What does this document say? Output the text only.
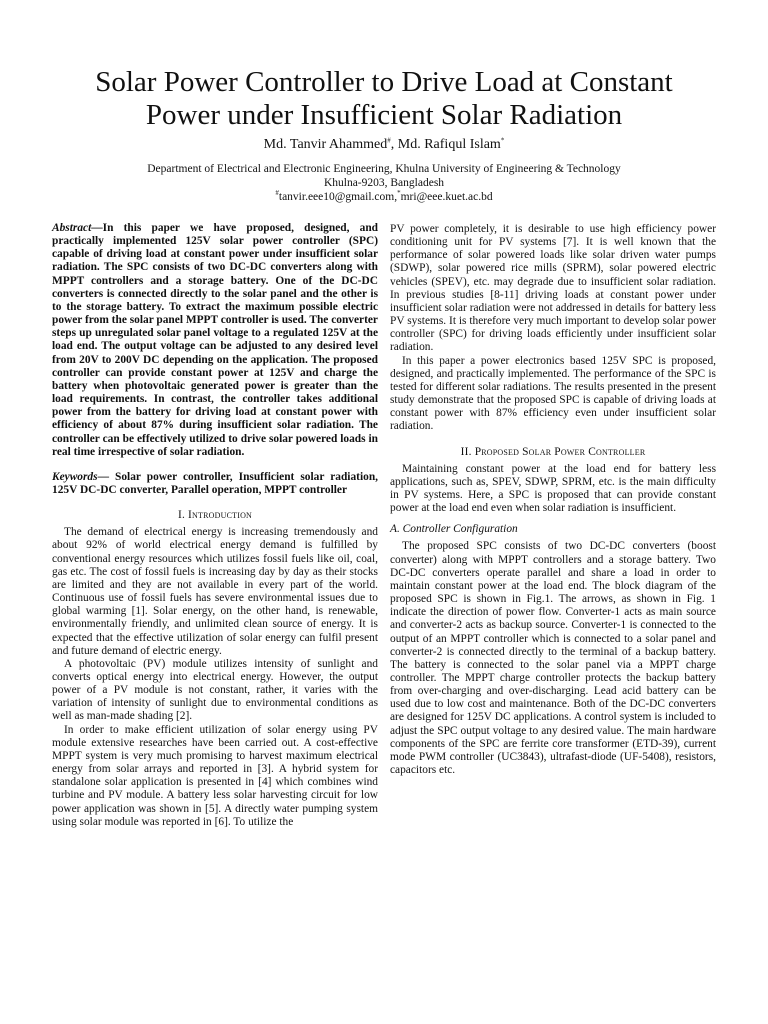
Solar Power Controller to Drive Load at Constant
Power under Insufficient Solar Radiation
Md. Tanvir Ahammed#, Md. Rafiqul Islam*
Department of Electrical and Electronic Engineering, Khulna University of Engineering & Technology
Khulna-9203, Bangladesh
#tanvir.eee10@gmail.com,*mri@eee.kuet.ac.bd

Abstract—In this paper we have proposed, designed, and practically implemented 125V solar power controller (SPC) capable of driving load at constant power under insufficient solar radiation. The SPC consists of two DC-DC converters along with MPPT controllers and a storage battery. One of the DC-DC converters is connected directly to the solar panel and the other is to the storage battery. To extract the maximum possible electric power from the solar panel MPPT controller is used. The converter steps up unregulated solar panel voltage to a regulated 125V at the load end. The output voltage can be adjusted to any desired level from 20V to 200V DC depending on the application. The proposed controller can provide constant power at 125V and charge the battery when photovoltaic generated power is greater than the load requirements. In contrast, the controller takes additional power from the battery for driving load at constant power with efficiency of about 87% during insufficient solar radiation. The controller can be effectively utilized to drive solar powered loads in real time irrespective of solar radiation.

Keywords— Solar power controller, Insufficient solar radiation, 125V DC-DC converter, Parallel operation, MPPT controller

I. Introduction

The demand of electrical energy is increasing tremendously and about 92% of world electrical energy demand is fulfilled by conventional energy resources which utilizes fossil fuels like oil, coal, gas etc. The cost of fossil fuels is increasing day by day as their stocks are limited and they are not available in every part of the world. Continuous use of fossil fuels has severe environmental issues due to global warming [1]. Solar energy, on the other hand, is renewable, environmentally friendly, and unlimited clean source of energy. It is expected that the effective utilization of solar energy can fulfil present and future demand of electric energy.

A photovoltaic (PV) module utilizes intensity of sunlight and converts optical energy into electrical energy. However, the output power of a PV module is not constant, rather, it varies with the variation of intensity of sunlight due to environmental conditions as well as man-made shading [2].

In order to make efficient utilization of solar energy using PV module extensive researches have been carried out. A cost-effective MPPT system is very much promising to harvest maximum electrical energy from solar arrays and reported in [3]. A hybrid system for standalone solar application is presented in [4] which combines wind turbine and PV module. A battery less solar harvesting circuit for low power application was shown in [5]. A directly water pumping system using solar module was reported in [6]. To utilize the

PV power completely, it is desirable to use high efficiency power conditioning unit for PV systems [7]. It is well known that the performance of solar powered loads like solar driven water pumps (SDWP), solar powered rice mills (SPRM), solar powered electric vehicles (SPEV), etc. may degrade due to insufficient solar radiation. In previous studies [8-11] driving loads at constant power under insufficient solar radiation were not addressed in details for battery less PV systems. It is therefore very much important to develop solar power controller (SPC) for driving loads efficiently under insufficient solar radiation.

In this paper a power electronics based 125V SPC is proposed, designed, and practically implemented. The performance of the SPC is tested for different solar radiations. The results presented in the present study demonstrate that the proposed SPC is capable of driving loads at constant power with 87% efficiency even under insufficient solar radiation.

II. Proposed Solar Power Controller

Maintaining constant power at the load end for battery less applications, such as, SPEV, SDWP, SPRM, etc. is the main difficulty in PV systems. Here, a SPC is proposed that can provide constant power at the load end even when solar radiation is insufficient.

A. Controller Configuration

The proposed SPC consists of two DC-DC converters (boost converter) along with MPPT controllers and a storage battery. Two DC-DC converters operate parallel and share a load in order to maintain constant power at the load end. The block diagram of the proposed SPC is shown in Fig.1. The arrows, as shown in Fig. 1 indicate the direction of power flow. Converter-1 acts as main source and converter-2 acts as backup source. Converter-1 is connected to the output of an MPPT controller which is connected to a solar panel and converter-2 is connected directly to the terminal of a backup battery. The battery is connected to the solar panel via a MPPT charge controller. The MPPT charge controller protects the backup battery from over-charging and over-discharging. Lead acid battery can be used due to low cost and maintenance. Both of the DC-DC converters are designed for 125V DC applications. A control system is included to adjust the SPC output voltage to any desired value. The main hardware components of the SPC are ferrite core transformer (ETD-39), current mode PWM controller (UC3843), ultrafast-diode (UF-5408), resistors, capacitors etc.
